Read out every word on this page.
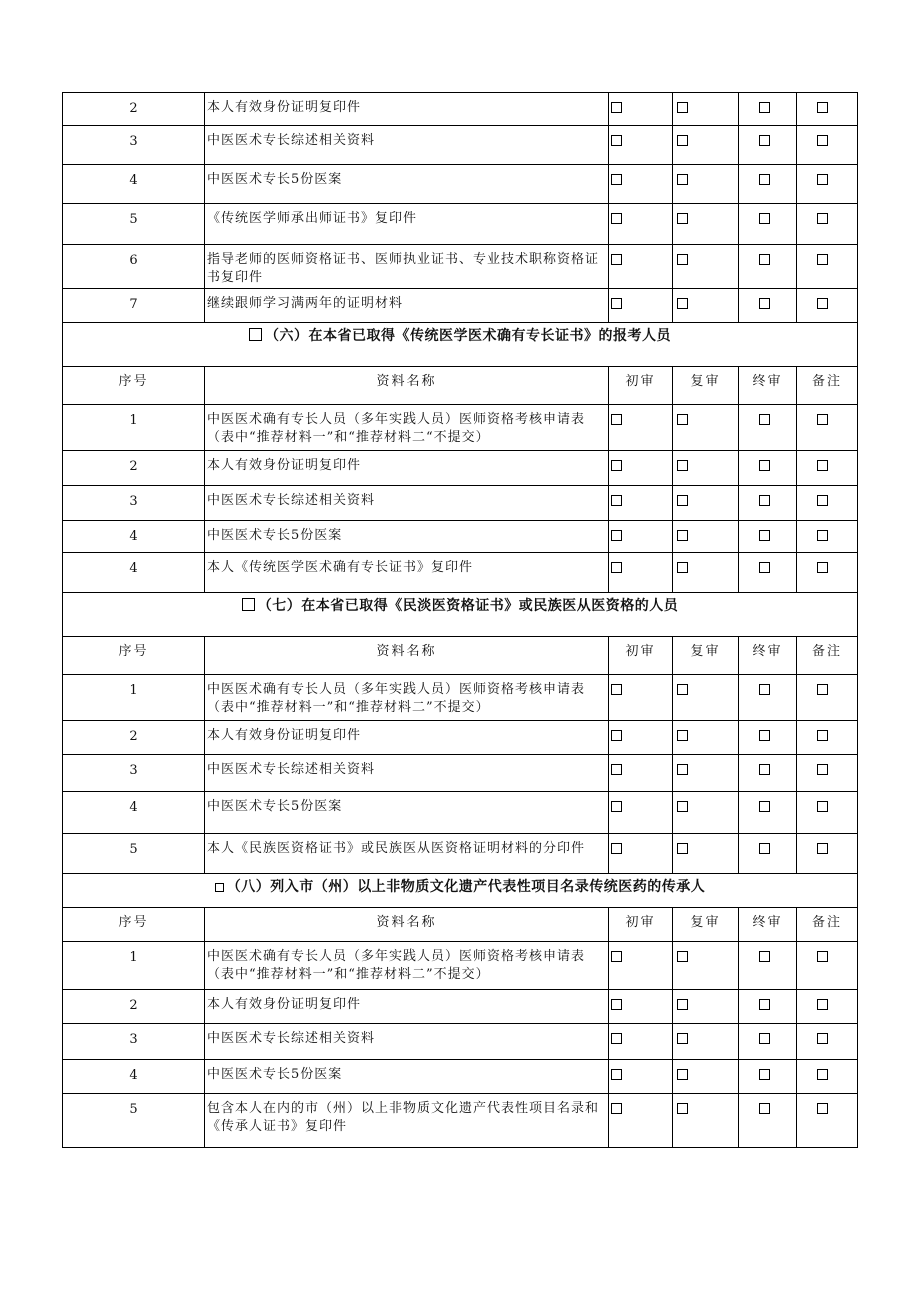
2	本人有效身份证明复印件				
3	中医医术专长综述相关资料				
4	中医医术专长5份医案				
5	《传统医学师承出师证书》复印件				
6	指导老师的医师资格证书、医师执业证书、专业技术职称资格证书复印件				
7	继续跟师学习满两年的证明材料				
（六）在本省已取得《传统医学医术确有专长证书》的报考人员					
序号	资料名称	初审	复审	终审	备注
1	中医医术确有专长人员（多年实践人员）医师资格考核申请表（表中“推荐材料一”和“推荐材料二“不提交）				
2	本人有效身份证明复印件				
3	中医医术专长综述相关资料				
4	中医医术专长5份医案				
4	本人《传统医学医术确有专长证书》复印件				
（七）在本省已取得《民淡医资格证书》或民族医从医资格的人员					
序号	资料名称	初审	复审	终审	备注
1	中医医术确有专长人员（多年实践人员）医师资格考核申请表（表中“推荐材料一”和“推荐材料二”不提交）				
2	本人有效身份证明复印件				
3	中医医术专长综述相关资料				
4	中医医术专长5份医案				
5	本人《民族医资格证书》或民族医从医资格证明材料的分印件				
（八）列入市（州）以上非物质文化遗产代表性项目名录传统医药的传承人					
序号	资料名称	初审	复审	终审	备注
1	中医医术确有专长人员（多年实践人员）医师资格考核申请表（表中“推荐材料一”和“推荐材料二”不提交）				
2	本人有效身份证明复印件				
3	中医医术专长综述相关资料				
4	中医医术专长5份医案				
5	包含本人在内的市（州）以上非物质文化遗产代表性项目名录和《传承人证书》复印件				
